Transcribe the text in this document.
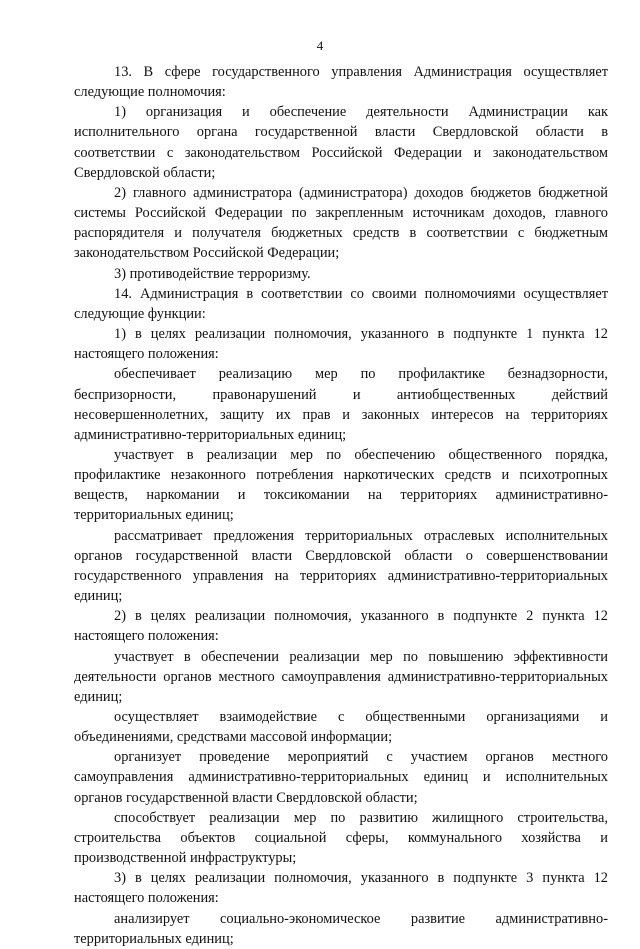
4

13. В сфере государственного управления Администрация осуществляет следующие полномочия:

1) организация и обеспечение деятельности Администрации как исполнительного органа государственной власти Свердловской области в соответствии с законодательством Российской Федерации и законодательством Свердловской области;

2) главного администратора (администратора) доходов бюджетов бюджетной системы Российской Федерации по закрепленным источникам доходов, главного распорядителя и получателя бюджетных средств в соответствии с бюджетным законодательством Российской Федерации;

3) противодействие терроризму.

14. Администрация в соответствии со своими полномочиями осуществляет следующие функции:

1) в целях реализации полномочия, указанного в подпункте 1 пункта 12 настоящего положения:

обеспечивает реализацию мер по профилактике безнадзорности, беспризорности, правонарушений и антиобщественных действий несовершеннолетних, защиту их прав и законных интересов на территориях административно-территориальных единиц;

участвует в реализации мер по обеспечению общественного порядка, профилактике незаконного потребления наркотических средств и психотропных веществ, наркомании и токсикомании на территориях административно-территориальных единиц;

рассматривает предложения территориальных отраслевых исполнительных органов государственной власти Свердловской области о совершенствовании государственного управления на территориях административно-территориальных единиц;

2) в целях реализации полномочия, указанного в подпункте 2 пункта 12 настоящего положения:

участвует в обеспечении реализации мер по повышению эффективности деятельности органов местного самоуправления административно-территориальных единиц;

осуществляет взаимодействие с общественными организациями и объединениями, средствами массовой информации;

организует проведение мероприятий с участием органов местного самоуправления административно-территориальных единиц и исполнительных органов государственной власти Свердловской области;

способствует реализации мер по развитию жилищного строительства, строительства объектов социальной сферы, коммунального хозяйства и производственной инфраструктуры;

3) в целях реализации полномочия, указанного в подпункте 3 пункта 12 настоящего положения:

анализирует социально-экономическое развитие административно-территориальных единиц;
